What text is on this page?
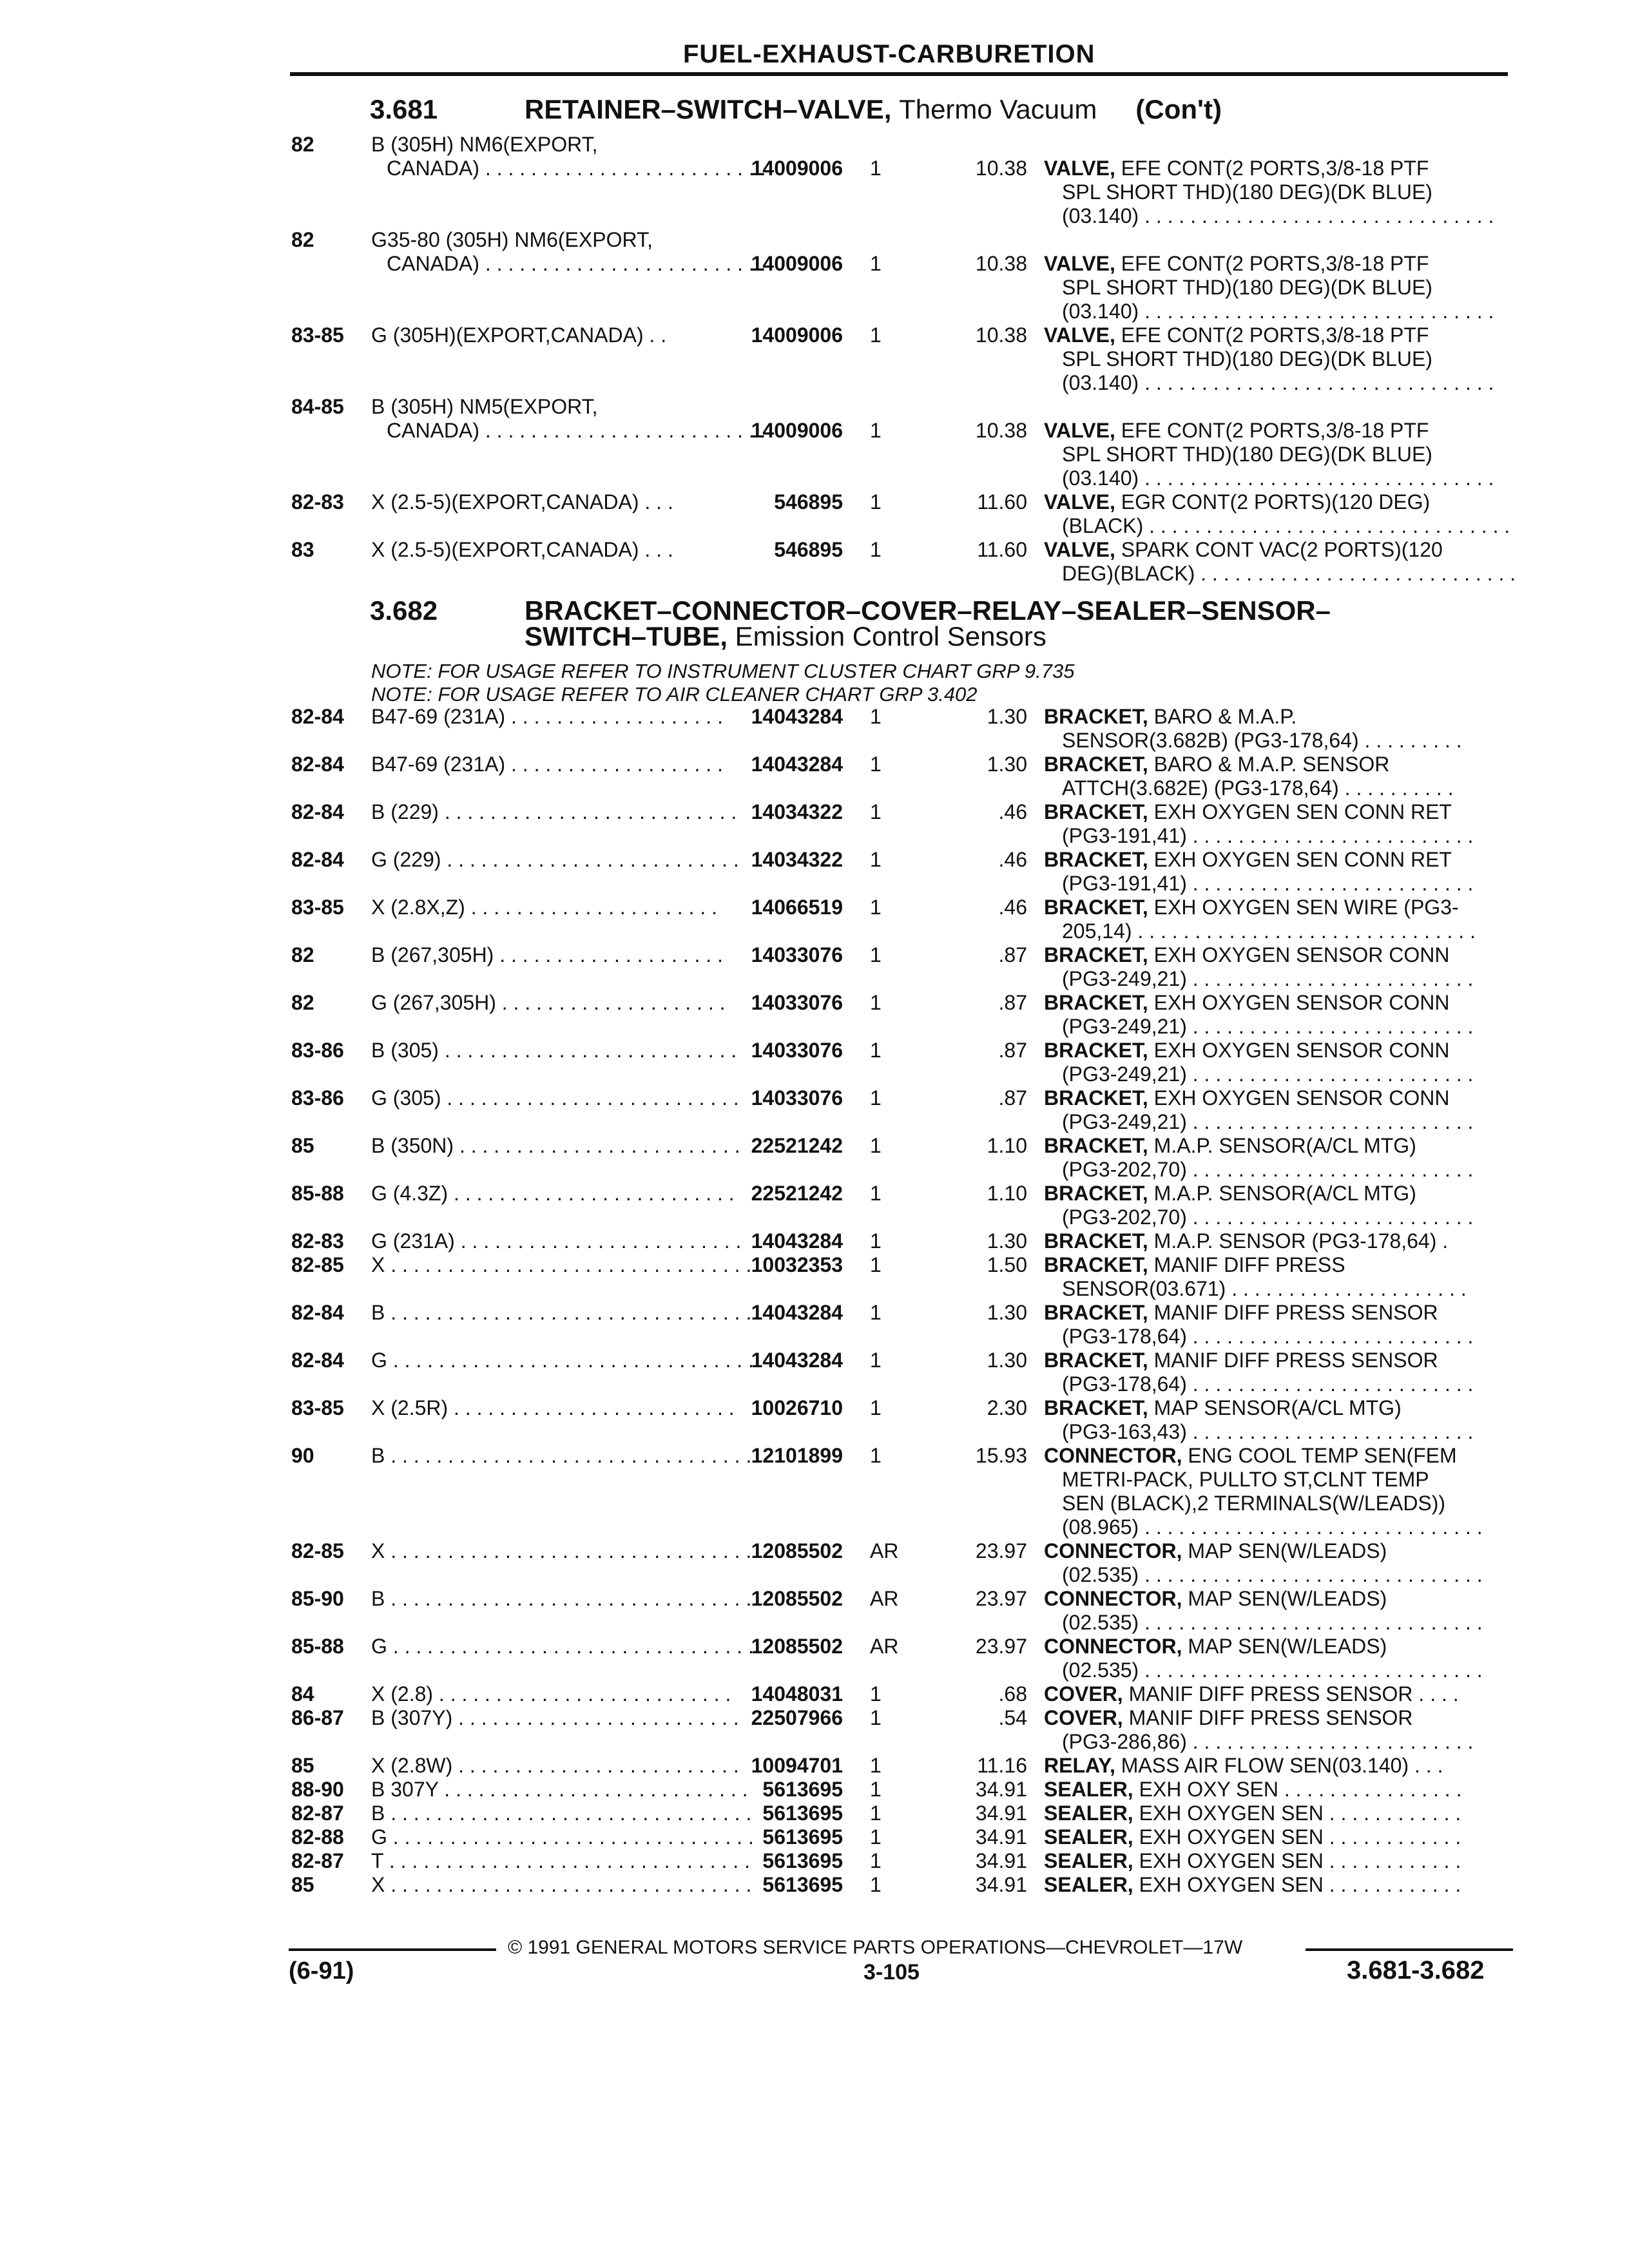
FUEL-EXHAUST-CARBURETION
3.681	RETAINER–SWITCH–VALVE, Thermo Vacuum (Con't)
3.682	BRACKET–CONNECTOR–COVER–RELAY–SEALER–SENSOR–
SWITCH–TUBE, Emission Control Sensors
NOTE: FOR USAGE REFER TO INSTRUMENT CLUSTER CHART GRP 9.735
NOTE: FOR USAGE REFER TO AIR CLEANER CHART GRP 3.402
82	B (305H) NM6(EXPORT,
CANADA) . . . . . . . . . . . . . . . . . . . . . . . . .
14009006 1	10.38 VALVE, EFE CONT(2 PORTS,3/8-18 PTF
SPL SHORT THD)(180 DEG)(DK BLUE)
(03.140) . . . . . . . . . . . . . . . . . . . . . . . . . . . . . . .
82	G35-80 (305H) NM6(EXPORT,
CANADA) . . . . . . . . . . . . . . . . . . . . . . . . .
14009006 1	10.38 VALVE, EFE CONT(2 PORTS,3/8-18 PTF
SPL SHORT THD)(180 DEG)(DK BLUE)
(03.140) . . . . . . . . . . . . . . . . . . . . . . . . . . . . . . .
83-85 G (305H)(EXPORT,CANADA) . .	14009006 1	10.38 VALVE, EFE CONT(2 PORTS,3/8-18 PTF
SPL SHORT THD)(180 DEG)(DK BLUE)
(03.140) . . . . . . . . . . . . . . . . . . . . . . . . . . . . . . .
84-85 B (305H) NM5(EXPORT,
CANADA) . . . . . . . . . . . . . . . . . . . . . . . . .
14009006 1	10.38 VALVE, EFE CONT(2 PORTS,3/8-18 PTF
SPL SHORT THD)(180 DEG)(DK BLUE)
(03.140) . . . . . . . . . . . . . . . . . . . . . . . . . . . . . . .
82-83 X (2.5-5)(EXPORT,CANADA) . . .	546895 1	11.60 VALVE, EGR CONT(2 PORTS)(120 DEG)
(BLACK) . . . . . . . . . . . . . . . . . . . . . . . . . . . . . . . .
83	X (2.5-5)(EXPORT,CANADA) . . .	546895 1	11.60 VALVE, SPARK CONT VAC(2 PORTS)(120
DEG)(BLACK) . . . . . . . . . . . . . . . . . . . . . . . . . . . .
82-84 B47-69 (231A) . . . . . . . . . . . . . . . . . . .	14043284 1	1.30 BRACKET, BARO & M.A.P.
SENSOR(3.682B) (PG3-178,64) . . . . . . . . .
82-84 B47-69 (231A) . . . . . . . . . . . . . . . . . . .	14043284 1	1.30 BRACKET, BARO & M.A.P. SENSOR
ATTCH(3.682E) (PG3-178,64) . . . . . . . . . .
82-84 B (229) . . . . . . . . . . . . . . . . . . . . . . . . . . 14034322 1	.46 BRACKET, EXH OXYGEN SEN CONN RET
(PG3-191,41) . . . . . . . . . . . . . . . . . . . . . . . . .
82-84 G (229) . . . . . . . . . . . . . . . . . . . . . . . . . . 14034322 1	.46 BRACKET, EXH OXYGEN SEN CONN RET
(PG3-191,41) . . . . . . . . . . . . . . . . . . . . . . . . .
83-85 X (2.8X,Z) . . . . . . . . . . . . . . . . . . . . . .	14066519 1	.46 BRACKET, EXH OXYGEN SEN WIRE (PG3-
205,14) . . . . . . . . . . . . . . . . . . . . . . . . . . . . . .
82	B (267,305H) . . . . . . . . . . . . . . . . . . . .	14033076 1	.87 BRACKET, EXH OXYGEN SENSOR CONN
(PG3-249,21) . . . . . . . . . . . . . . . . . . . . . . . . .
82	G (267,305H) . . . . . . . . . . . . . . . . . . . .	14033076 1	.87 BRACKET, EXH OXYGEN SENSOR CONN
(PG3-249,21) . . . . . . . . . . . . . . . . . . . . . . . . .
83-86 B (305) . . . . . . . . . . . . . . . . . . . . . . . . . . 14033076 1	.87 BRACKET, EXH OXYGEN SENSOR CONN
(PG3-249,21) . . . . . . . . . . . . . . . . . . . . . . . . .
83-86 G (305) . . . . . . . . . . . . . . . . . . . . . . . . . . 14033076 1	.87 BRACKET, EXH OXYGEN SENSOR CONN
(PG3-249,21) . . . . . . . . . . . . . . . . . . . . . . . . .
85	B (350N) . . . . . . . . . . . . . . . . . . . . . . . . . 22521242 1	1.10 BRACKET, M.A.P. SENSOR(A/CL MTG)
(PG3-202,70) . . . . . . . . . . . . . . . . . . . . . . . . .
85-88 G (4.3Z) . . . . . . . . . . . . . . . . . . . . . . . . . 22521242 1	1.10 BRACKET, M.A.P. SENSOR(A/CL MTG)
(PG3-202,70) . . . . . . . . . . . . . . . . . . . . . . . . .
82-83 G (231A) . . . . . . . . . . . . . . . . . . . . . . . . . 14043284 1	1.30 BRACKET, M.A.P. SENSOR (PG3-178,64) .
82-85 X . . . . . . . . . . . . . . . . . . . . . . . . . . . . . . . . 10032353 1	1.50 BRACKET, MANIF DIFF PRESS
SENSOR(03.671) . . . . . . . . . . . . . . . . . . . . .
82-84 B . . . . . . . . . . . . . . . . . . . . . . . . . . . . . . . . 14043284 1	1.30 BRACKET, MANIF DIFF PRESS SENSOR
(PG3-178,64) . . . . . . . . . . . . . . . . . . . . . . . . .
82-84 G . . . . . . . . . . . . . . . . . . . . . . . . . . . . . . . .
14043284 1	1.30 BRACKET, MANIF DIFF PRESS SENSOR
(PG3-178,64) . . . . . . . . . . . . . . . . . . . . . . . . .
83-85 X (2.5R) . . . . . . . . . . . . . . . . . . . . . . . . . 10026710 1	2.30 BRACKET, MAP SENSOR(A/CL MTG)
(PG3-163,43) . . . . . . . . . . . . . . . . . . . . . . . . .
90	B . . . . . . . . . . . . . . . . . . . . . . . . . . . . . . . . 12101899 1	15.93 CONNECTOR, ENG COOL TEMP SEN(FEM
METRI-PACK, PULLTO ST,CLNT TEMP
SEN (BLACK),2 TERMINALS(W/LEADS))
(08.965) . . . . . . . . . . . . . . . . . . . . . . . . . . . . . .
82-85 X . . . . . . . . . . . . . . . . . . . . . . . . . . . . . . . . 12085502 AR	23.97 CONNECTOR, MAP SEN(W/LEADS)
(02.535) . . . . . . . . . . . . . . . . . . . . . . . . . . . . . .
85-90 B . . . . . . . . . . . . . . . . . . . . . . . . . . . . . . . . 12085502 AR	23.97 CONNECTOR, MAP SEN(W/LEADS)
(02.535) . . . . . . . . . . . . . . . . . . . . . . . . . . . . . .
85-88 G . . . . . . . . . . . . . . . . . . . . . . . . . . . . . . . .
12085502 AR	23.97 CONNECTOR, MAP SEN(W/LEADS)
(02.535) . . . . . . . . . . . . . . . . . . . . . . . . . . . . . .
84	X (2.8) . . . . . . . . . . . . . . . . . . . . . . . . . . 14048031 1	.68 COVER, MANIF DIFF PRESS SENSOR . . . .
86-87 B (307Y) . . . . . . . . . . . . . . . . . . . . . . . . . 22507966 1	.54 COVER, MANIF DIFF PRESS SENSOR
(PG3-286,86) . . . . . . . . . . . . . . . . . . . . . . . . .
85	X (2.8W) . . . . . . . . . . . . . . . . . . . . . . . . . 10094701 1	11.16 RELAY, MASS AIR FLOW SEN(03.140) . . .
88-90 B 307Y . . . . . . . . . . . . . . . . . . . . . . . . . . . 5613695 1	34.91 SEALER, EXH OXY SEN . . . . . . . . . . . . . . . .
82-87 B . . . . . . . . . . . . . . . . . . . . . . . . . . . . . . . . 5613695 1	34.91 SEALER, EXH OXYGEN SEN . . . . . . . . . . . .
82-88 G . . . . . . . . . . . . . . . . . . . . . . . . . . . . . . . . 5613695 1	34.91 SEALER, EXH OXYGEN SEN . . . . . . . . . . . .
82-87 T . . . . . . . . . . . . . . . . . . . . . . . . . . . . . . . . 5613695 1	34.91 SEALER, EXH OXYGEN SEN . . . . . . . . . . . .
85	X . . . . . . . . . . . . . . . . . . . . . . . . . . . . . . . . 5613695 1	34.91 SEALER, EXH OXYGEN SEN . . . . . . . . . . . .
© 1991 GENERAL MOTORS SERVICE PARTS OPERATIONS—CHEVROLET—17W
(6-91)	3-105	3.681-3.682
